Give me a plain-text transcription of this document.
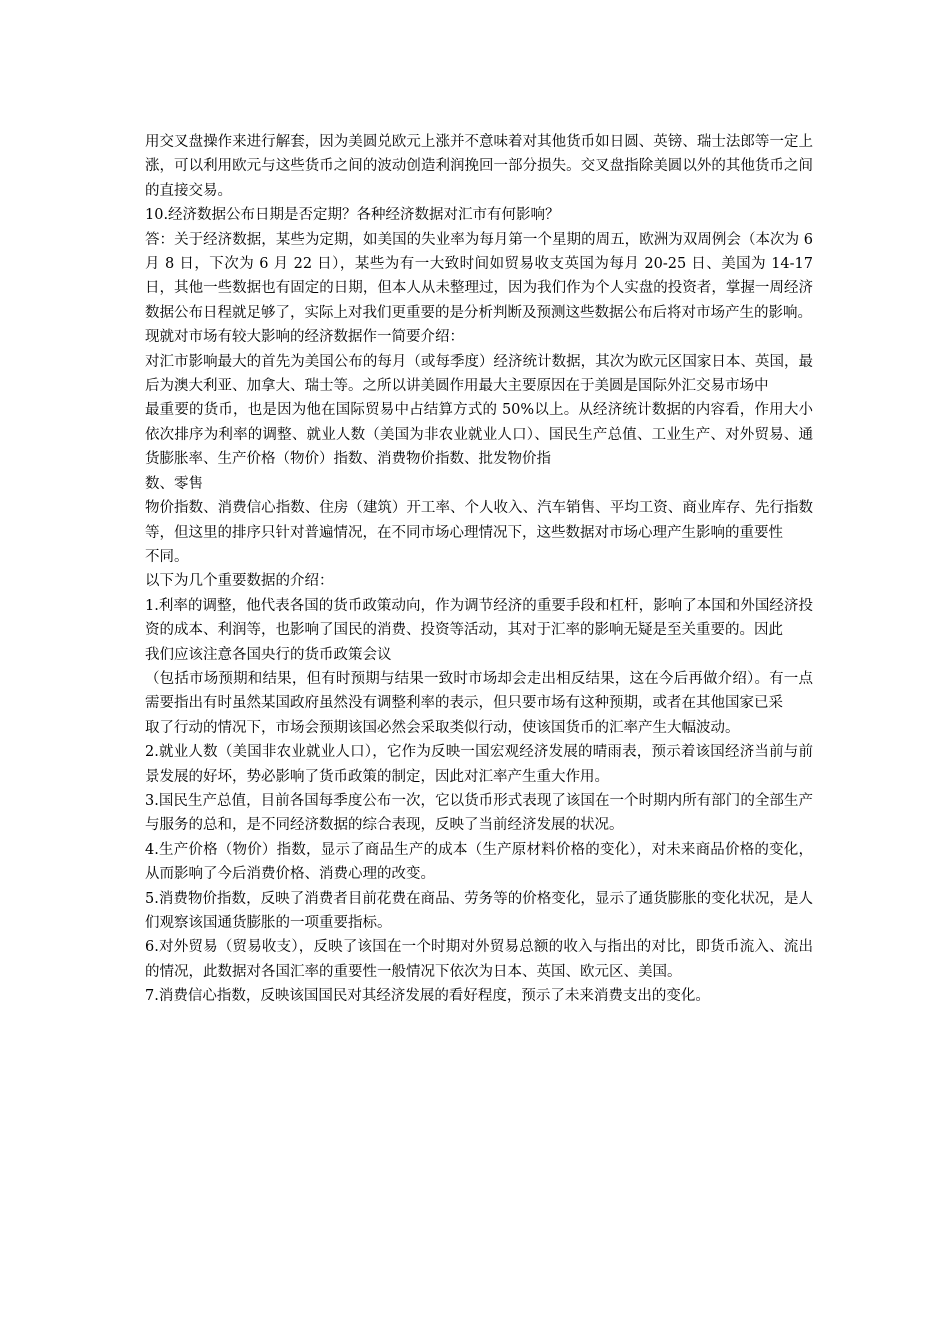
用交叉盘操作来进行解套，因为美圆兑欧元上涨并不意味着对其他货币如日圆、英镑、瑞士法郎等一定上涨，可以利用欧元与这些货币之间的波动创造利润挽回一部分损失。交叉盘指除美圆以外的其他货币之间的直接交易。

10.经济数据公布日期是否定期？各种经济数据对汇市有何影响？

答：关于经济数据，某些为定期，如美国的失业率为每月第一个星期的周五，欧洲为双周例会（本次为 6 月 8 日，下次为 6 月 22 日），某些为有一大致时间如贸易收支英国为每月 20-25 日、美国为 14-17 日，其他一些数据也有固定的日期，但本人从未整理过，因为我们作为个人实盘的投资者，掌握一周经济数据公布日程就足够了，实际上对我们更重要的是分析判断及预测这些数据公布后将对市场产生的影响。

现就对市场有较大影响的经济数据作一简要介绍：

对汇市影响最大的首先为美国公布的每月（或每季度）经济统计数据，其次为欧元区国家日本、英国，最后为澳大利亚、加拿大、瑞士等。之所以讲美圆作用最大主要原因在于美圆是国际外汇交易市场中

最重要的货币，也是因为他在国际贸易中占结算方式的 50%以上。从经济统计数据的内容看，作用大小依次排序为利率的调整、就业人数（美国为非农业就业人口）、国民生产总值、工业生产、对外贸易、通货膨胀率、生产价格（物价）指数、消费物价指数、批发物价指

数、零售

物价指数、消费信心指数、住房（建筑）开工率、个人收入、汽车销售、平均工资、商业库存、先行指数等，但这里的排序只针对普遍情况，在不同市场心理情况下，这些数据对市场心理产生影响的重要性

不同。

以下为几个重要数据的介绍：

1.利率的调整，他代表各国的货币政策动向，作为调节经济的重要手段和杠杆，影响了本国和外国经济投资的成本、利润等，也影响了国民的消费、投资等活动，其对于汇率的影响无疑是至关重要的。因此

我们应该注意各国央行的货币政策会议

（包括市场预期和结果，但有时预期与结果一致时市场却会走出相反结果，这在今后再做介绍）。有一点需要指出有时虽然某国政府虽然没有调整利率的表示，但只要市场有这种预期，或者在其他国家已采

取了行动的情况下，市场会预期该国必然会采取类似行动，使该国货币的汇率产生大幅波动。

2.就业人数（美国非农业就业人口），它作为反映一国宏观经济发展的晴雨表，预示着该国经济当前与前景发展的好坏，势必影响了货币政策的制定，因此对汇率产生重大作用。

3.国民生产总值，目前各国每季度公布一次，它以货币形式表现了该国在一个时期内所有部门的全部生产与服务的总和，是不同经济数据的综合表现，反映了当前经济发展的状况。

4.生产价格（物价）指数，显示了商品生产的成本（生产原材料价格的变化），对未来商品价格的变化，从而影响了今后消费价格、消费心理的改变。

5.消费物价指数，反映了消费者目前花费在商品、劳务等的价格变化，显示了通货膨胀的变化状况，是人们观察该国通货膨胀的一项重要指标。

6.对外贸易（贸易收支），反映了该国在一个时期对外贸易总额的收入与指出的对比，即货币流入、流出的情况，此数据对各国汇率的重要性一般情况下依次为日本、英国、欧元区、美国。

7.消费信心指数，反映该国国民对其经济发展的看好程度，预示了未来消费支出的变化。
